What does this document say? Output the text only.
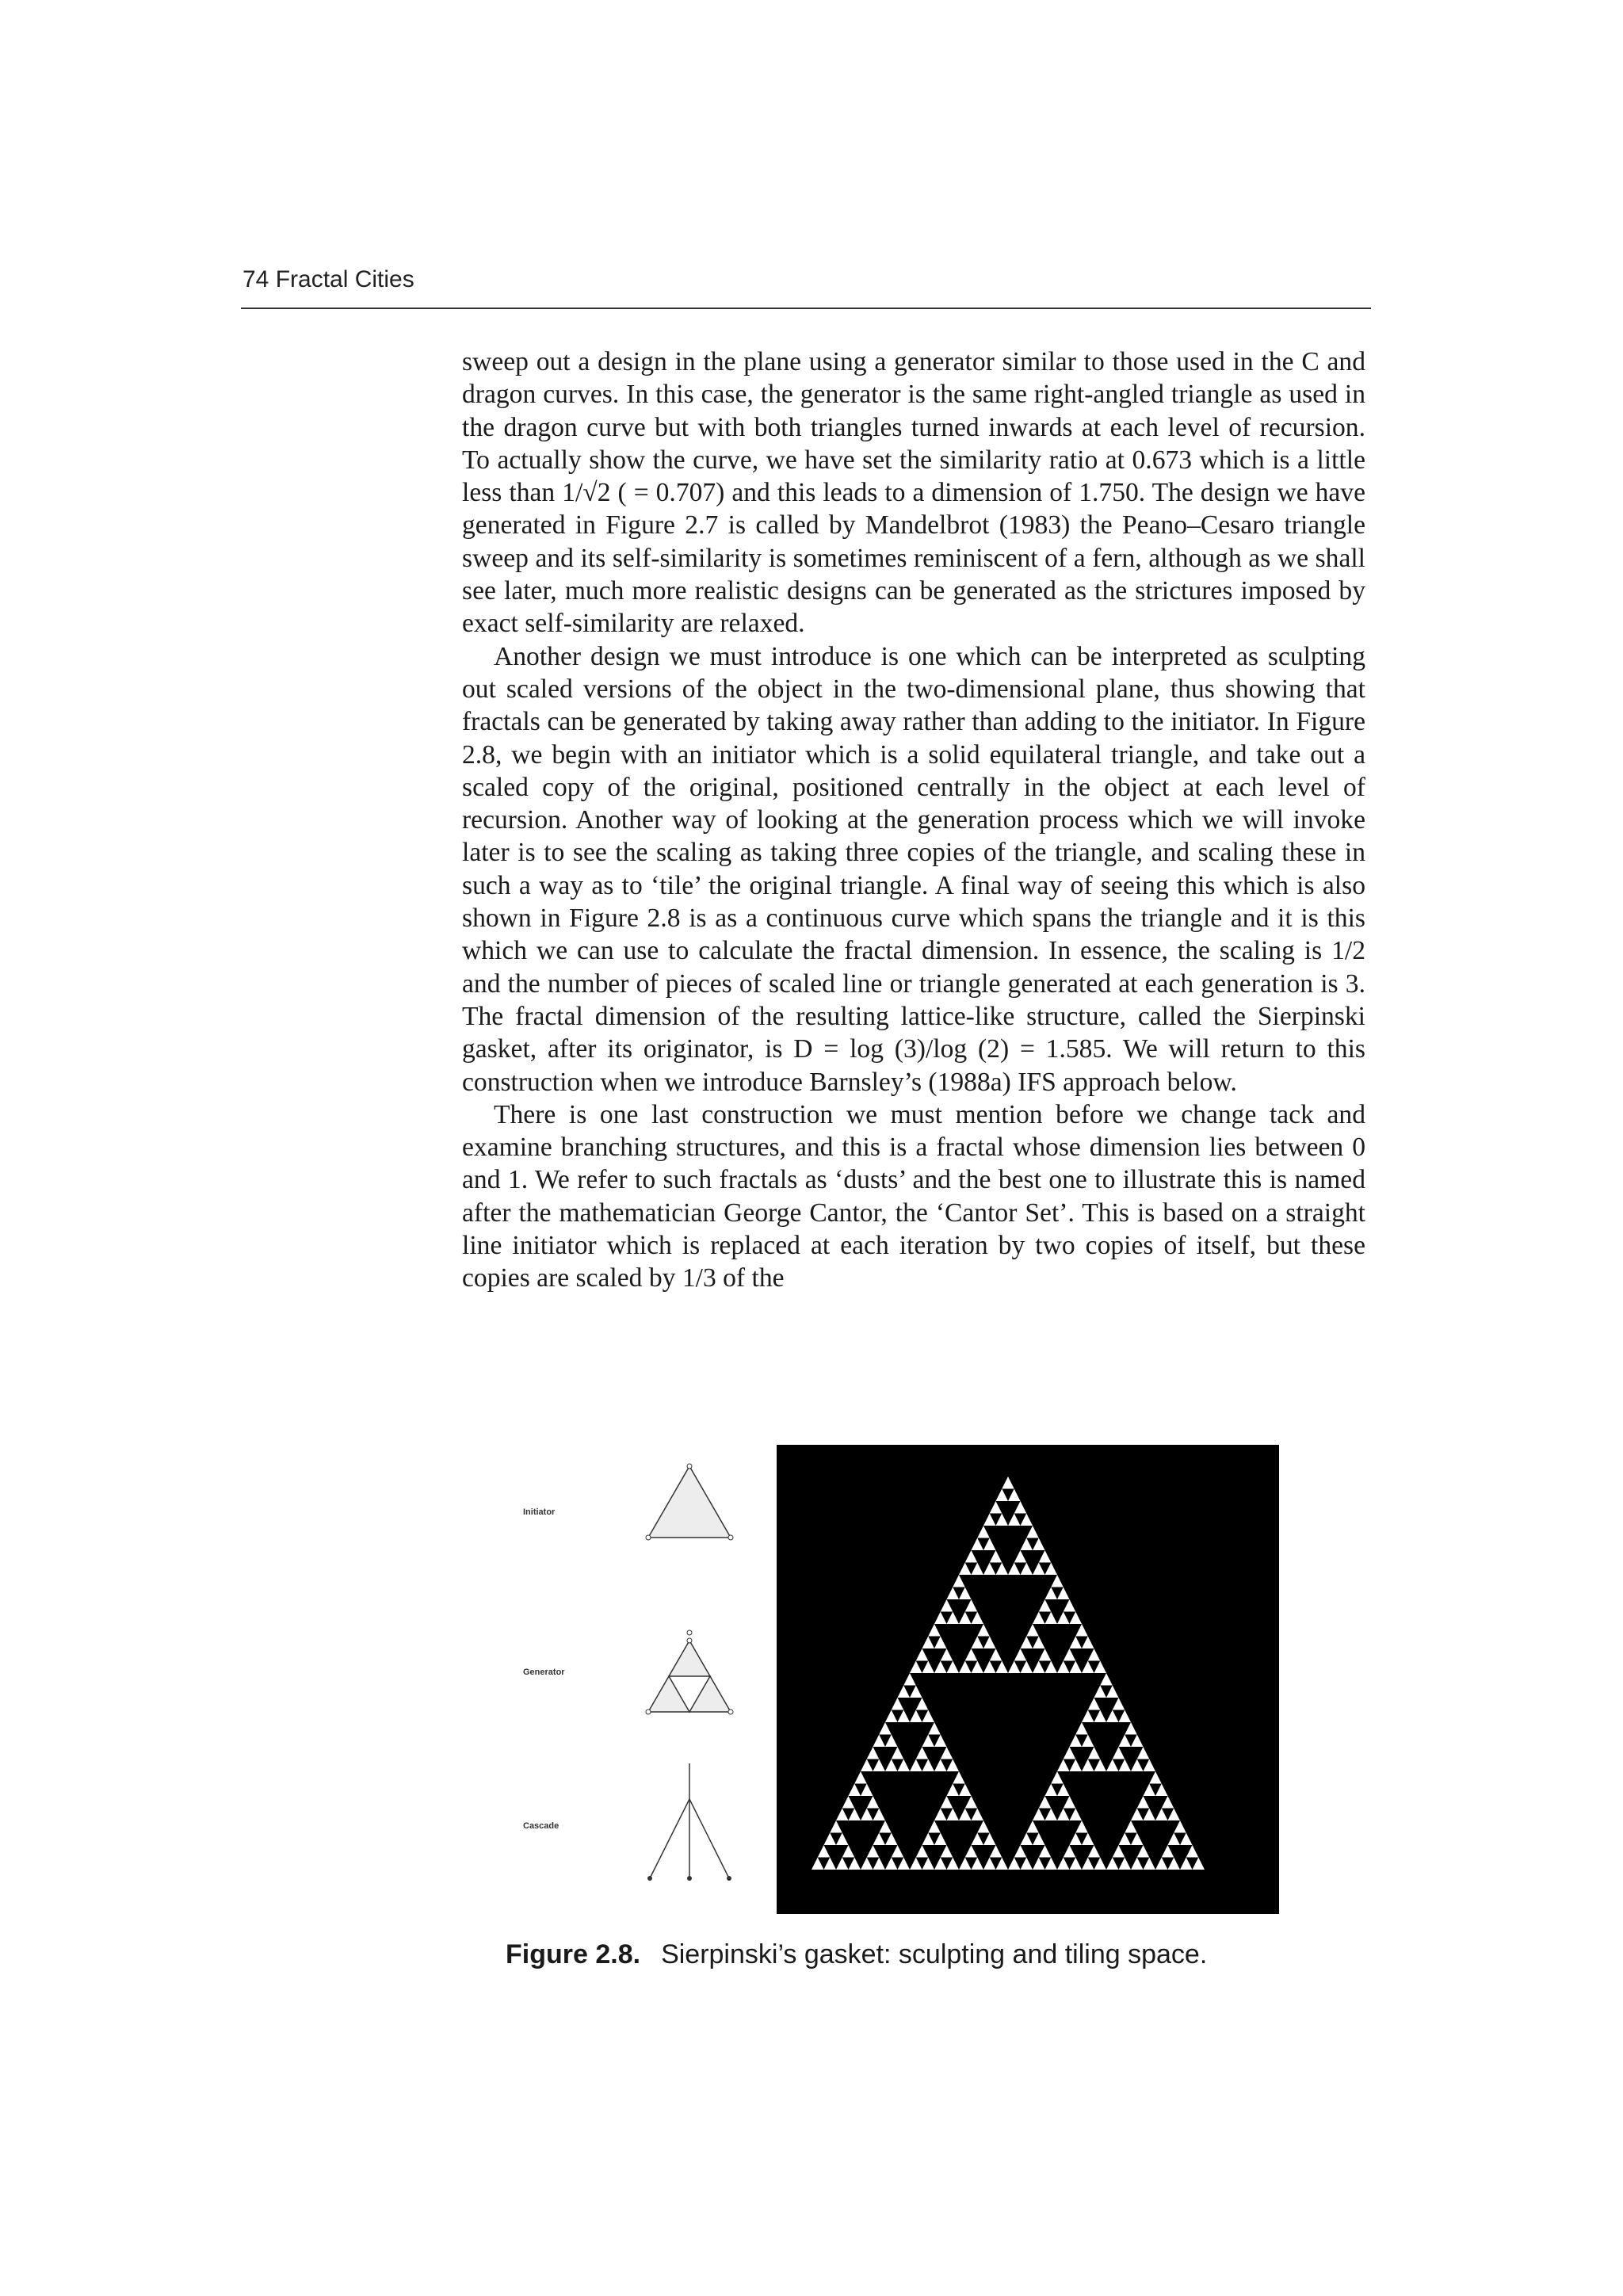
74 Fractal Cities

sweep out a design in the plane using a generator similar to those used in the C and dragon curves. In this case, the generator is the same right-angled triangle as used in the dragon curve but with both triangles turned inwards at each level of recursion. To actually show the curve, we have set the similarity ratio at 0.673 which is a little less than 1/√2 ( = 0.707) and this leads to a dimension of 1.750. The design we have generated in Figure 2.7 is called by Mandelbrot (1983) the Peano–Cesaro triangle sweep and its self-similarity is sometimes reminiscent of a fern, although as we shall see later, much more realistic designs can be generated as the strictures imposed by exact self-similarity are relaxed.

Another design we must introduce is one which can be interpreted as sculpting out scaled versions of the object in the two-dimensional plane, thus showing that fractals can be generated by taking away rather than adding to the initiator. In Figure 2.8, we begin with an initiator which is a solid equilateral triangle, and take out a scaled copy of the original, positioned centrally in the object at each level of recursion. Another way of looking at the generation process which we will invoke later is to see the scaling as taking three copies of the triangle, and scaling these in such a way as to ‘tile’ the original triangle. A final way of seeing this which is also shown in Figure 2.8 is as a continuous curve which spans the triangle and it is this which we can use to calculate the fractal dimension. In essence, the scaling is 1/2 and the number of pieces of scaled line or triangle generated at each generation is 3. The fractal dimension of the resulting lattice-like structure, called the Sierpinski gasket, after its originator, is D = log (3)/log (2) = 1.585. We will return to this construction when we introduce Barnsley’s (1988a) IFS approach below.

There is one last construction we must mention before we change tack and examine branching structures, and this is a fractal whose dimension lies between 0 and 1. We refer to such fractals as ‘dusts’ and the best one to illustrate this is named after the mathematician George Cantor, the ‘Cantor Set’. This is based on a straight line initiator which is replaced at each iteration by two copies of itself, but these copies are scaled by 1/3 of the

Initiator
Generator
Cascade
Figure 2.8. Sierpinski’s gasket: sculpting and tiling space.
